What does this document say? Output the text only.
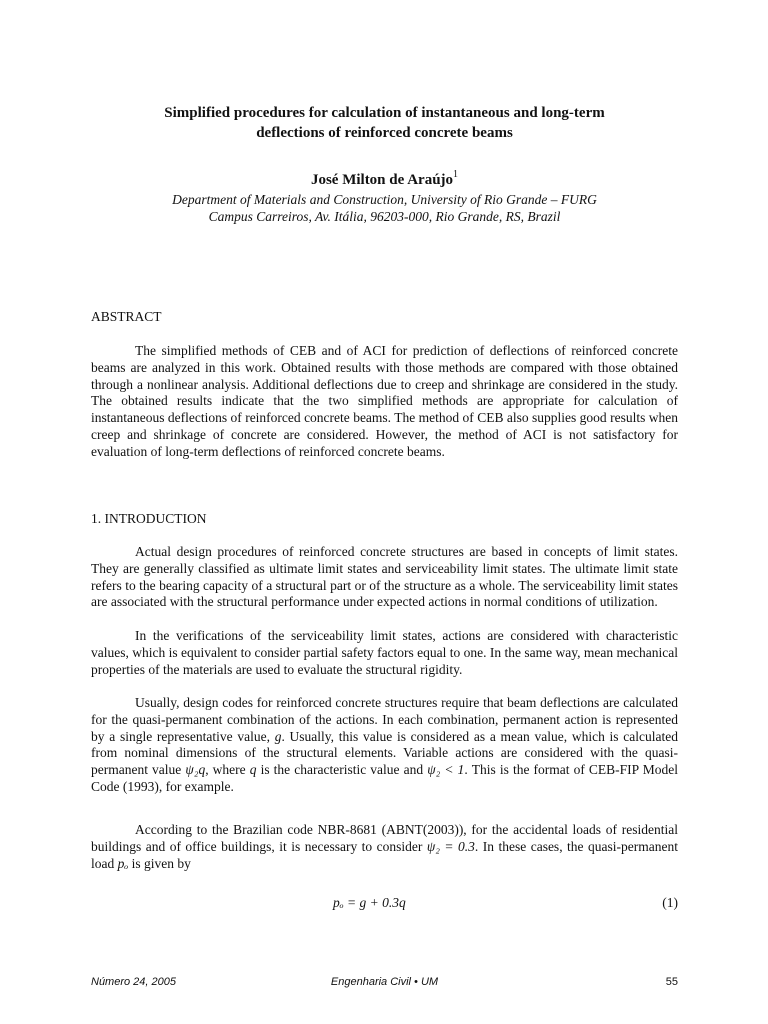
Simplified procedures for calculation of instantaneous and long-term
deflections of reinforced concrete beams
José Milton de Araújo$^1$
Department of Materials and Construction, University of Rio Grande – FURG
Campus Carreiros, Av. Itália, 96203-000, Rio Grande, RS, Brazil
ABSTRACT

The simplified methods of CEB and of ACI for prediction of deflections of reinforced concrete beams are analyzed in this work. Obtained results with those methods are compared with those obtained through a nonlinear analysis. Additional deflections due to creep and shrinkage are considered in the study. The obtained results indicate that the two simplified methods are appropriate for calculation of instantaneous deflections of reinforced concrete beams. The method of CEB also supplies good results when creep and shrinkage of concrete are considered. However, the method of ACI is not satisfactory for evaluation of long-term deflections of reinforced concrete beams.

1. INTRODUCTION

Actual design procedures of reinforced concrete structures are based in concepts of limit states. They are generally classified as ultimate limit states and serviceability limit states. The ultimate limit state refers to the bearing capacity of a structural part or of the structure as a whole. The serviceability limit states are associated with the structural performance under expected actions in normal conditions of utilization.

In the verifications of the serviceability limit states, actions are considered with characteristic values, which is equivalent to consider partial safety factors equal to one. In the same way, mean mechanical properties of the materials are used to evaluate the structural rigidity.

Usually, design codes for reinforced concrete structures require that beam deflections are calculated for the quasi-permanent combination of the actions. In each combination, permanent action is represented by a single representative value, g. Usually, this value is considered as a mean value, which is calculated from nominal dimensions of the structural elements. Variable actions are considered with the quasi-permanent value ψ₂q, where q is the characteristic value and ψ₂ < 1. This is the format of CEB-FIP Model Code (1993), for example.

According to the Brazilian code NBR-8681 (ABNT(2003)), for the accidental loads of residential buildings and of office buildings, it is necessary to consider ψ₂ = 0.3. In these cases, the quasi-permanent load pₒ is given by

pₒ = g + 0.3q	(1)
Número 24, 2005	Engenharia Civil • UM	55
